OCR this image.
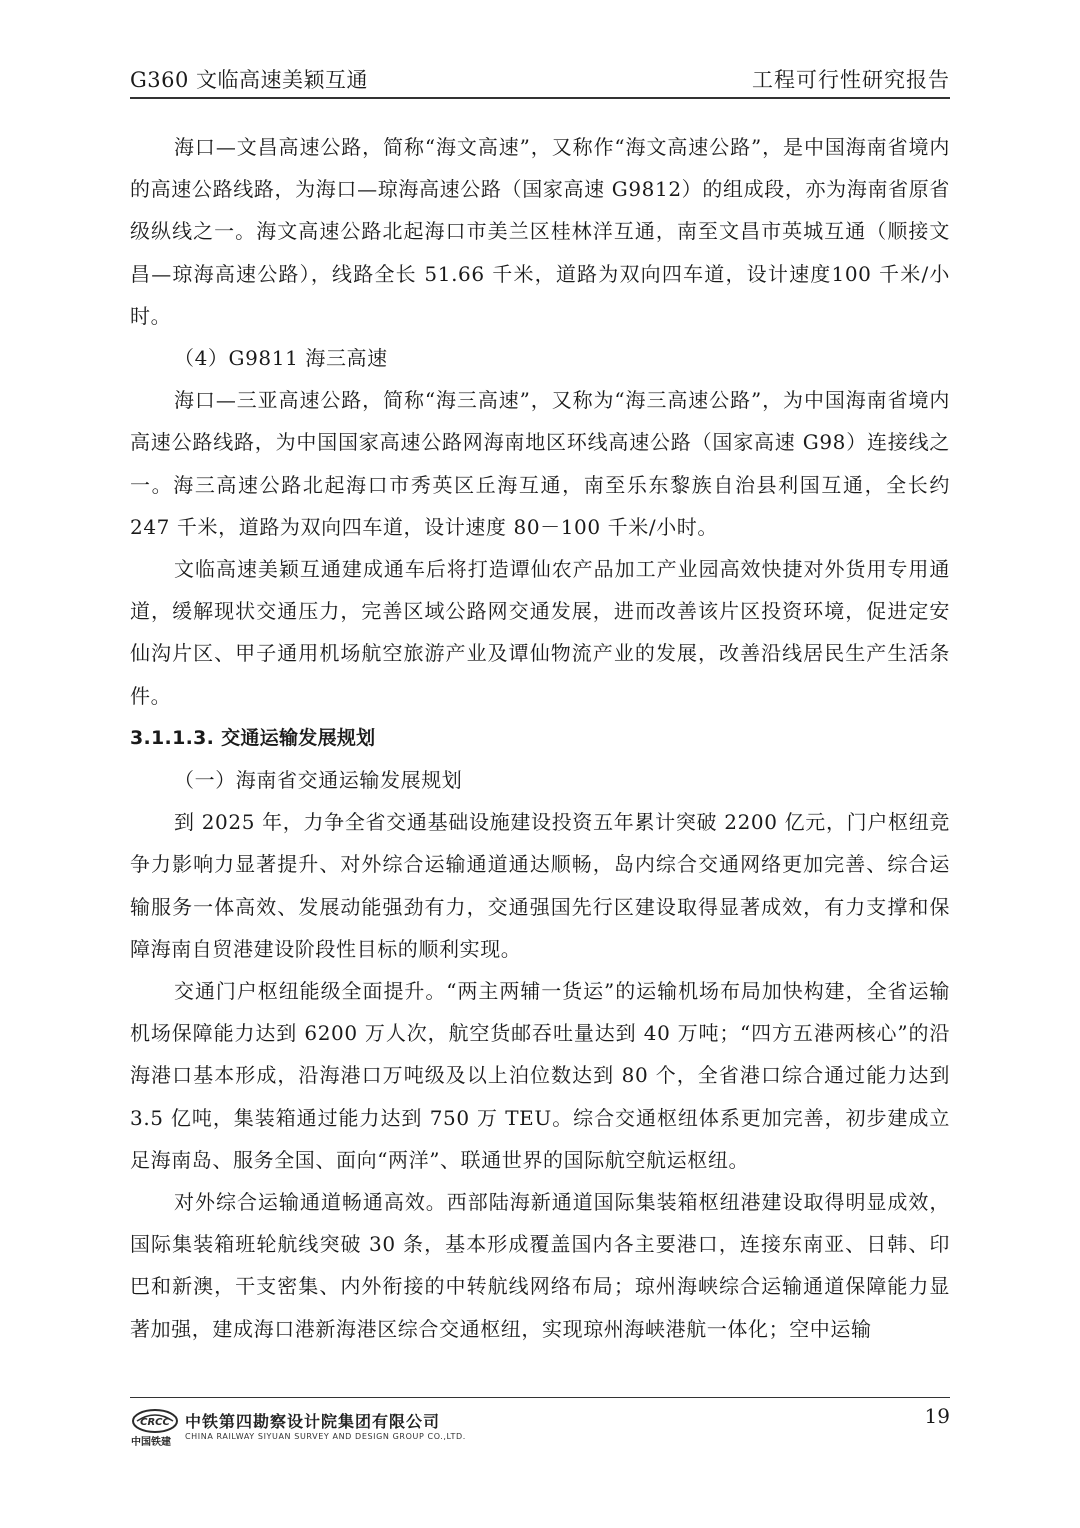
G360 文临高速美颖互通	工程可行性研究报告

海口—文昌高速公路，简称“海文高速”，又称作“海文高速公路”，是中国海南省境内的高速公路线路，为海口—琼海高速公路（国家高速 G9812）的组成段，亦为海南省原省级纵线之一。海文高速公路北起海口市美兰区桂林洋互通，南至文昌市英城互通（顺接文昌—琼海高速公路），线路全长 51.66 千米，道路为双向四车道，设计速度100 千米/小时。

（4）G9811 海三高速

海口—三亚高速公路，简称“海三高速”，又称为“海三高速公路”，为中国海南省境内高速公路线路，为中国国家高速公路网海南地区环线高速公路（国家高速 G98）连接线之一。海三高速公路北起海口市秀英区丘海互通，南至乐东黎族自治县利国互通，全长约 247 千米，道路为双向四车道，设计速度 80－100 千米/小时。

文临高速美颖互通建成通车后将打造谭仙农产品加工产业园高效快捷对外货用专用通道，缓解现状交通压力，完善区域公路网交通发展，进而改善该片区投资环境，促进定安仙沟片区、甲子通用机场航空旅游产业及谭仙物流产业的发展，改善沿线居民生产生活条件。

3.1.1.3. 交通运输发展规划

（一）海南省交通运输发展规划

到 2025 年，力争全省交通基础设施建设投资五年累计突破 2200 亿元，门户枢纽竞争力影响力显著提升、对外综合运输通道通达顺畅，岛内综合交通网络更加完善、综合运输服务一体高效、发展动能强劲有力，交通强国先行区建设取得显著成效，有力支撑和保障海南自贸港建设阶段性目标的顺利实现。

交通门户枢纽能级全面提升。“两主两辅一货运”的运输机场布局加快构建，全省运输机场保障能力达到 6200 万人次，航空货邮吞吐量达到 40 万吨；“四方五港两核心”的沿海港口基本形成，沿海港口万吨级及以上泊位数达到 80 个，全省港口综合通过能力达到 3.5 亿吨，集装箱通过能力达到 750 万 TEU。综合交通枢纽体系更加完善，初步建成立足海南岛、服务全国、面向“两洋”、联通世界的国际航空航运枢纽。

对外综合运输通道畅通高效。西部陆海新通道国际集装箱枢纽港建设取得明显成效，国际集装箱班轮航线突破 30 条，基本形成覆盖国内各主要港口，连接东南亚、日韩、印巴和新澳，干支密集、内外衔接的中转航线网络布局；琼州海峡综合运输通道保障能力显著加强，建成海口港新海港区综合交通枢纽，实现琼州海峡港航一体化；空中运输

CRCC
中国铁建
中铁第四勘察设计院集团有限公司
CHINA RAILWAY SIYUAN SURVEY AND DESIGN GROUP CO.,LTD.
19
